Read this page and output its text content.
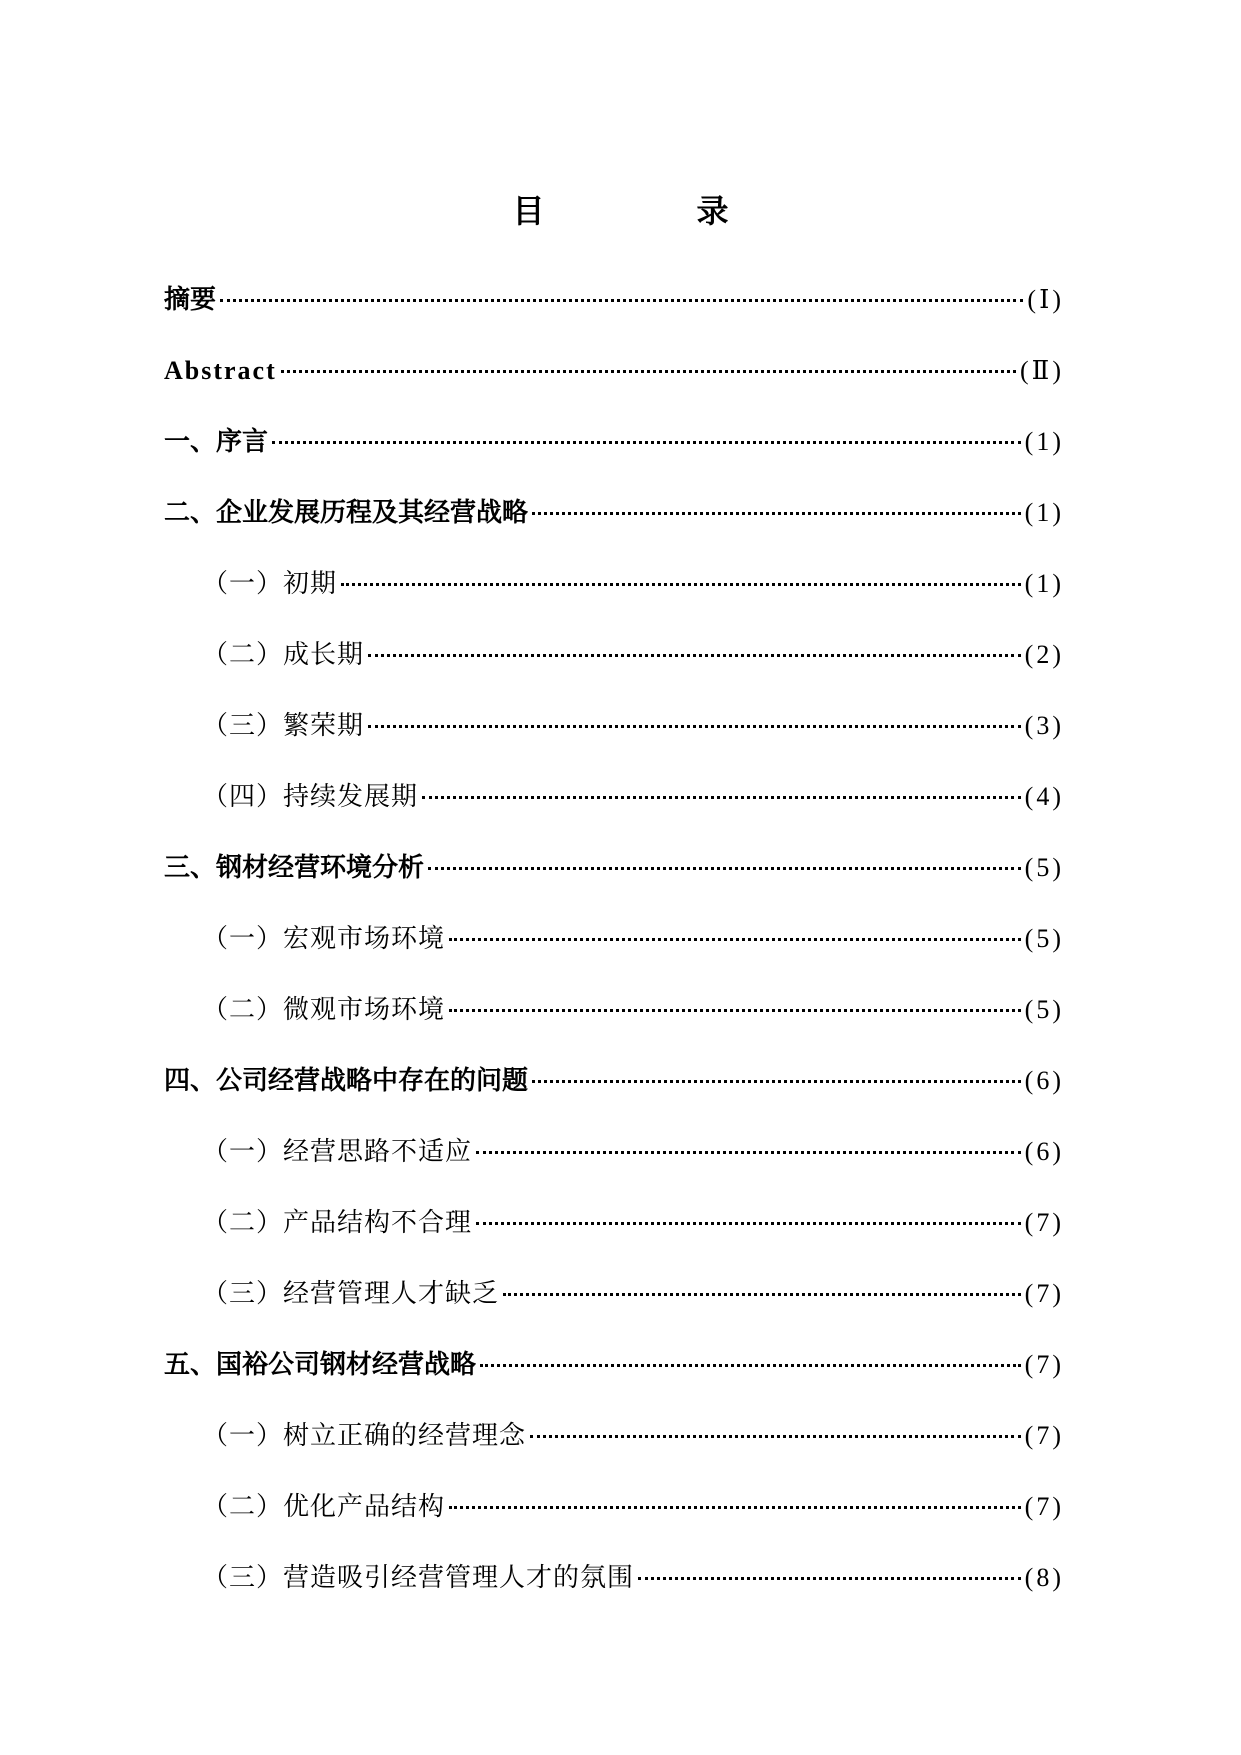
目　录
摘要	(Ⅰ)
Abstract	(Ⅱ)
一、序言	(1)
二、企业发展历程及其经营战略	(1)
（一）初期	(1)
（二）成长期	(2)
（三）繁荣期	(3)
（四）持续发展期	(4)
三、钢材经营环境分析	(5)
（一）宏观市场环境	(5)
（二）微观市场环境	(5)
四、公司经营战略中存在的问题	(6)
（一）经营思路不适应	(6)
（二）产品结构不合理	(7)
（三）经营管理人才缺乏	(7)
五、国裕公司钢材经营战略	(7)
（一）树立正确的经营理念	(7)
（二）优化产品结构	(7)
（三）营造吸引经营管理人才的氛围	(8)
